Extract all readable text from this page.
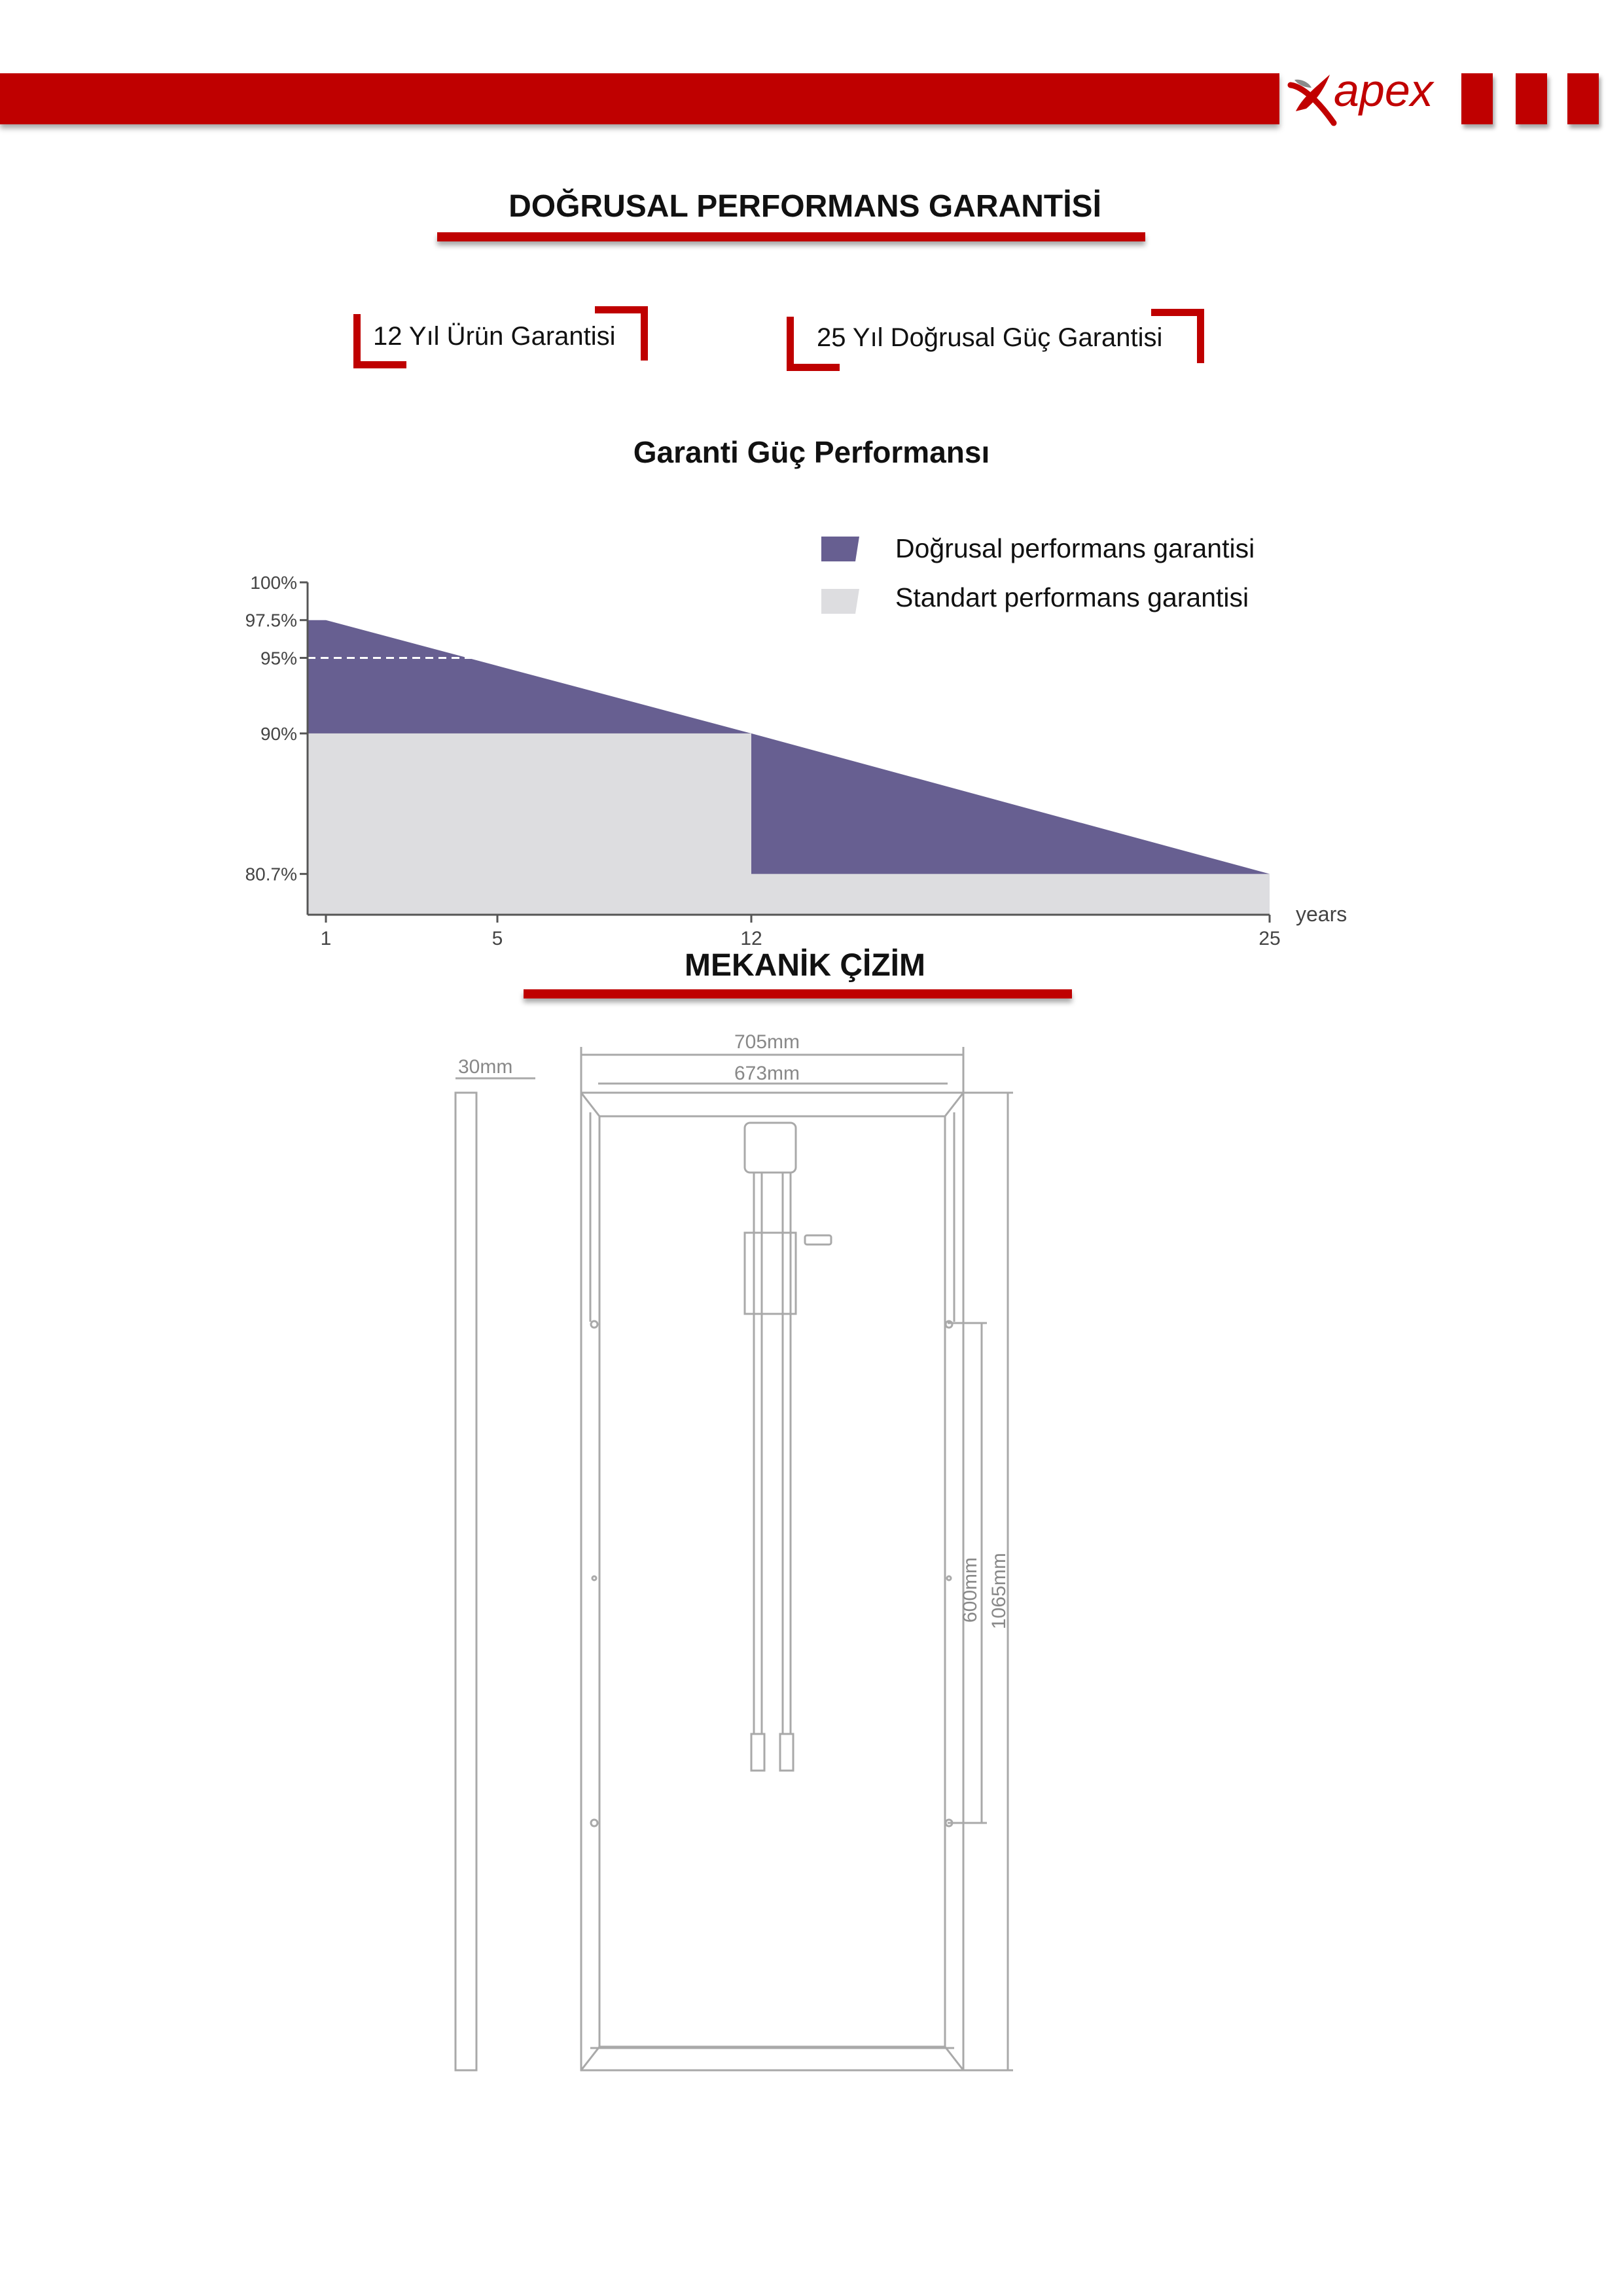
apex
DOĞRUSAL PERFORMANS GARANTİSİ
12 Yıl Ürün Garantisi	25 Yıl Doğrusal Güç Garantisi
Garanti Güç Performansı
Doğrusal performans garantisi
Standart performans garantisi
100%
97.5%
95%
90%
80.7%
1	5	12	25
years
MEKANİK ÇİZİM
30mm
705mm
673mm
600mm 1065mm
